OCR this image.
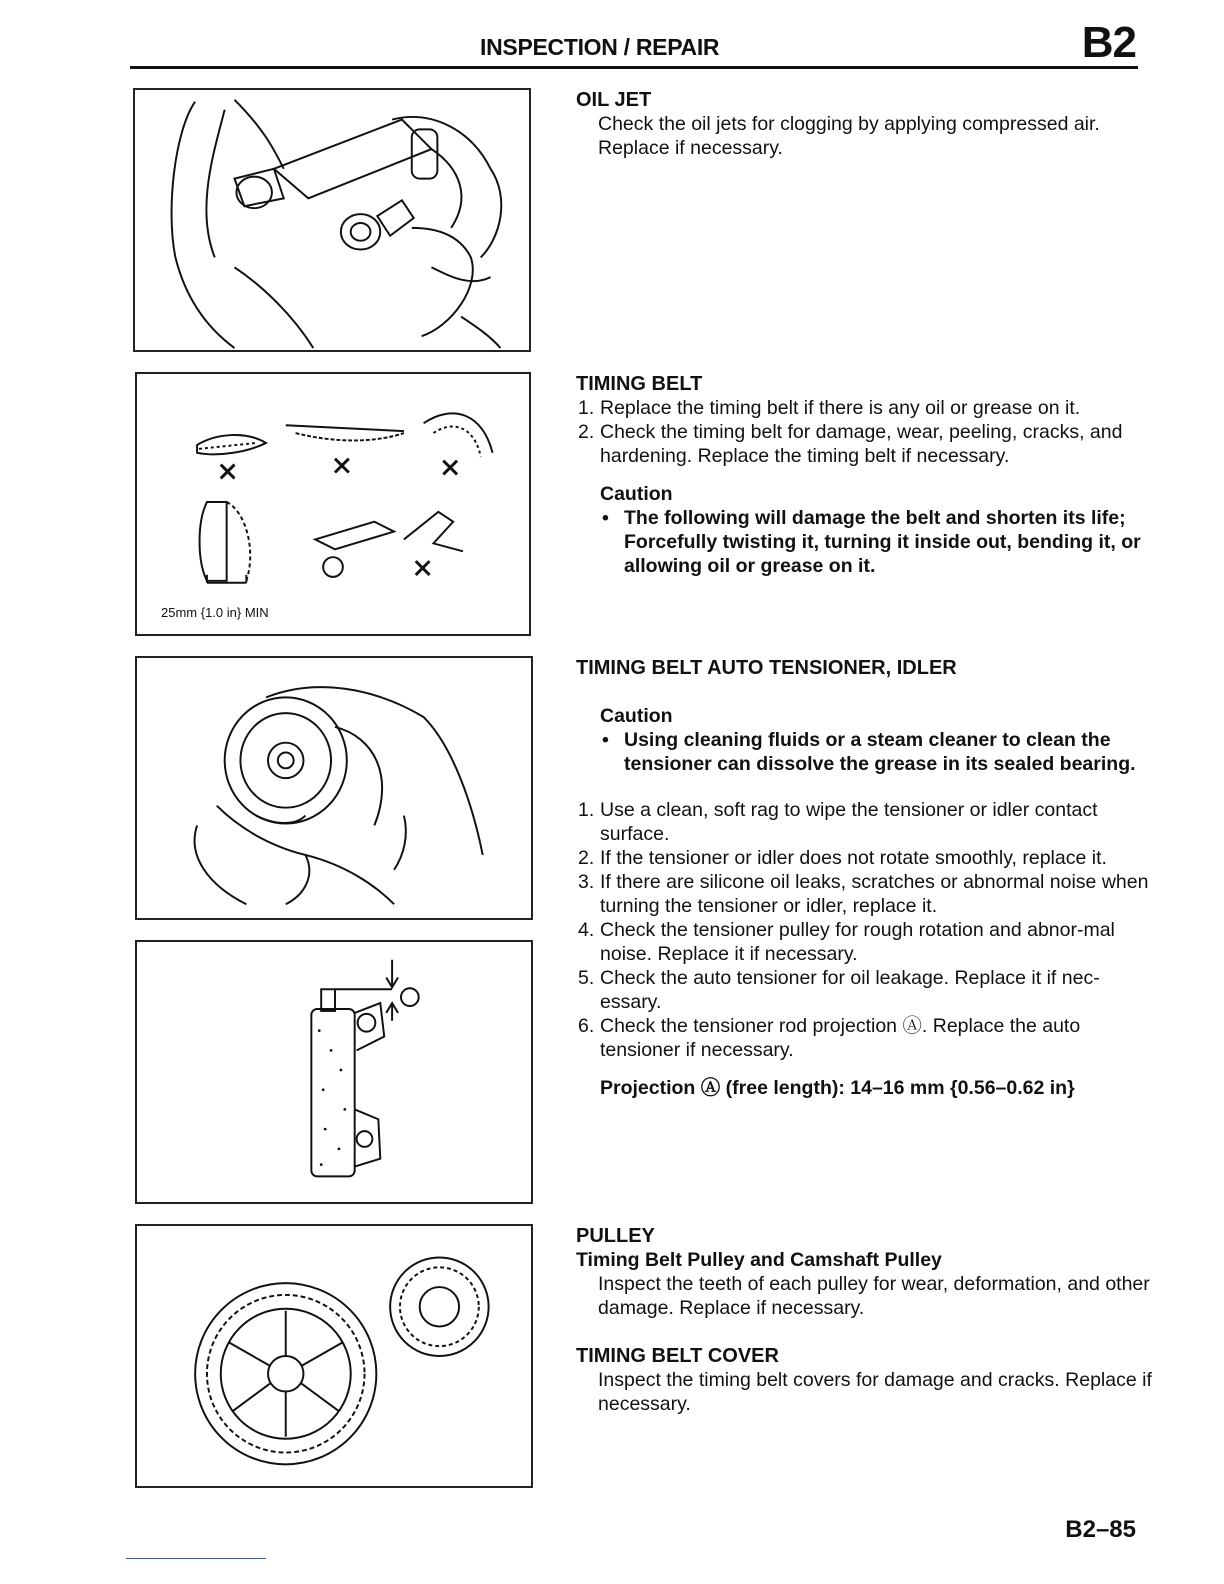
INSPECTION / REPAIR	B2
25mm {1.0 in} MIN
OIL JET
Check the oil jets for clogging by applying compressed air.
Replace if necessary.
TIMING BELT
1. Replace the timing belt if there is any oil or grease on it.
2. Check the timing belt for damage, wear, peeling, cracks, and hardening. Replace the timing belt if necessary.
Caution
• The following will damage the belt and shorten its life; Forcefully twisting it, turning it inside out, bending it, or allowing oil or grease on it.
TIMING BELT AUTO TENSIONER, IDLER
Caution
• Using cleaning fluids or a steam cleaner to clean the tensioner can dissolve the grease in its sealed bearing.
1. Use a clean, soft rag to wipe the tensioner or idler contact surface.
2. If the tensioner or idler does not rotate smoothly, replace it.
3. If there are silicone oil leaks, scratches or abnormal noise when turning the tensioner or idler, replace it.
4. Check the tensioner pulley for rough rotation and abnor-mal noise. Replace it if necessary.
5. Check the auto tensioner for oil leakage. Replace it if nec-essary.
6. Check the tensioner rod projection Ⓐ. Replace the auto tensioner if necessary.
Projection Ⓐ (free length): 14–16 mm {0.56–0.62 in}
PULLEY
Timing Belt Pulley and Camshaft Pulley
Inspect the teeth of each pulley for wear, deformation, and other damage. Replace if necessary.
TIMING BELT COVER
Inspect the timing belt covers for damage and cracks. Replace if necessary.
B2–85
